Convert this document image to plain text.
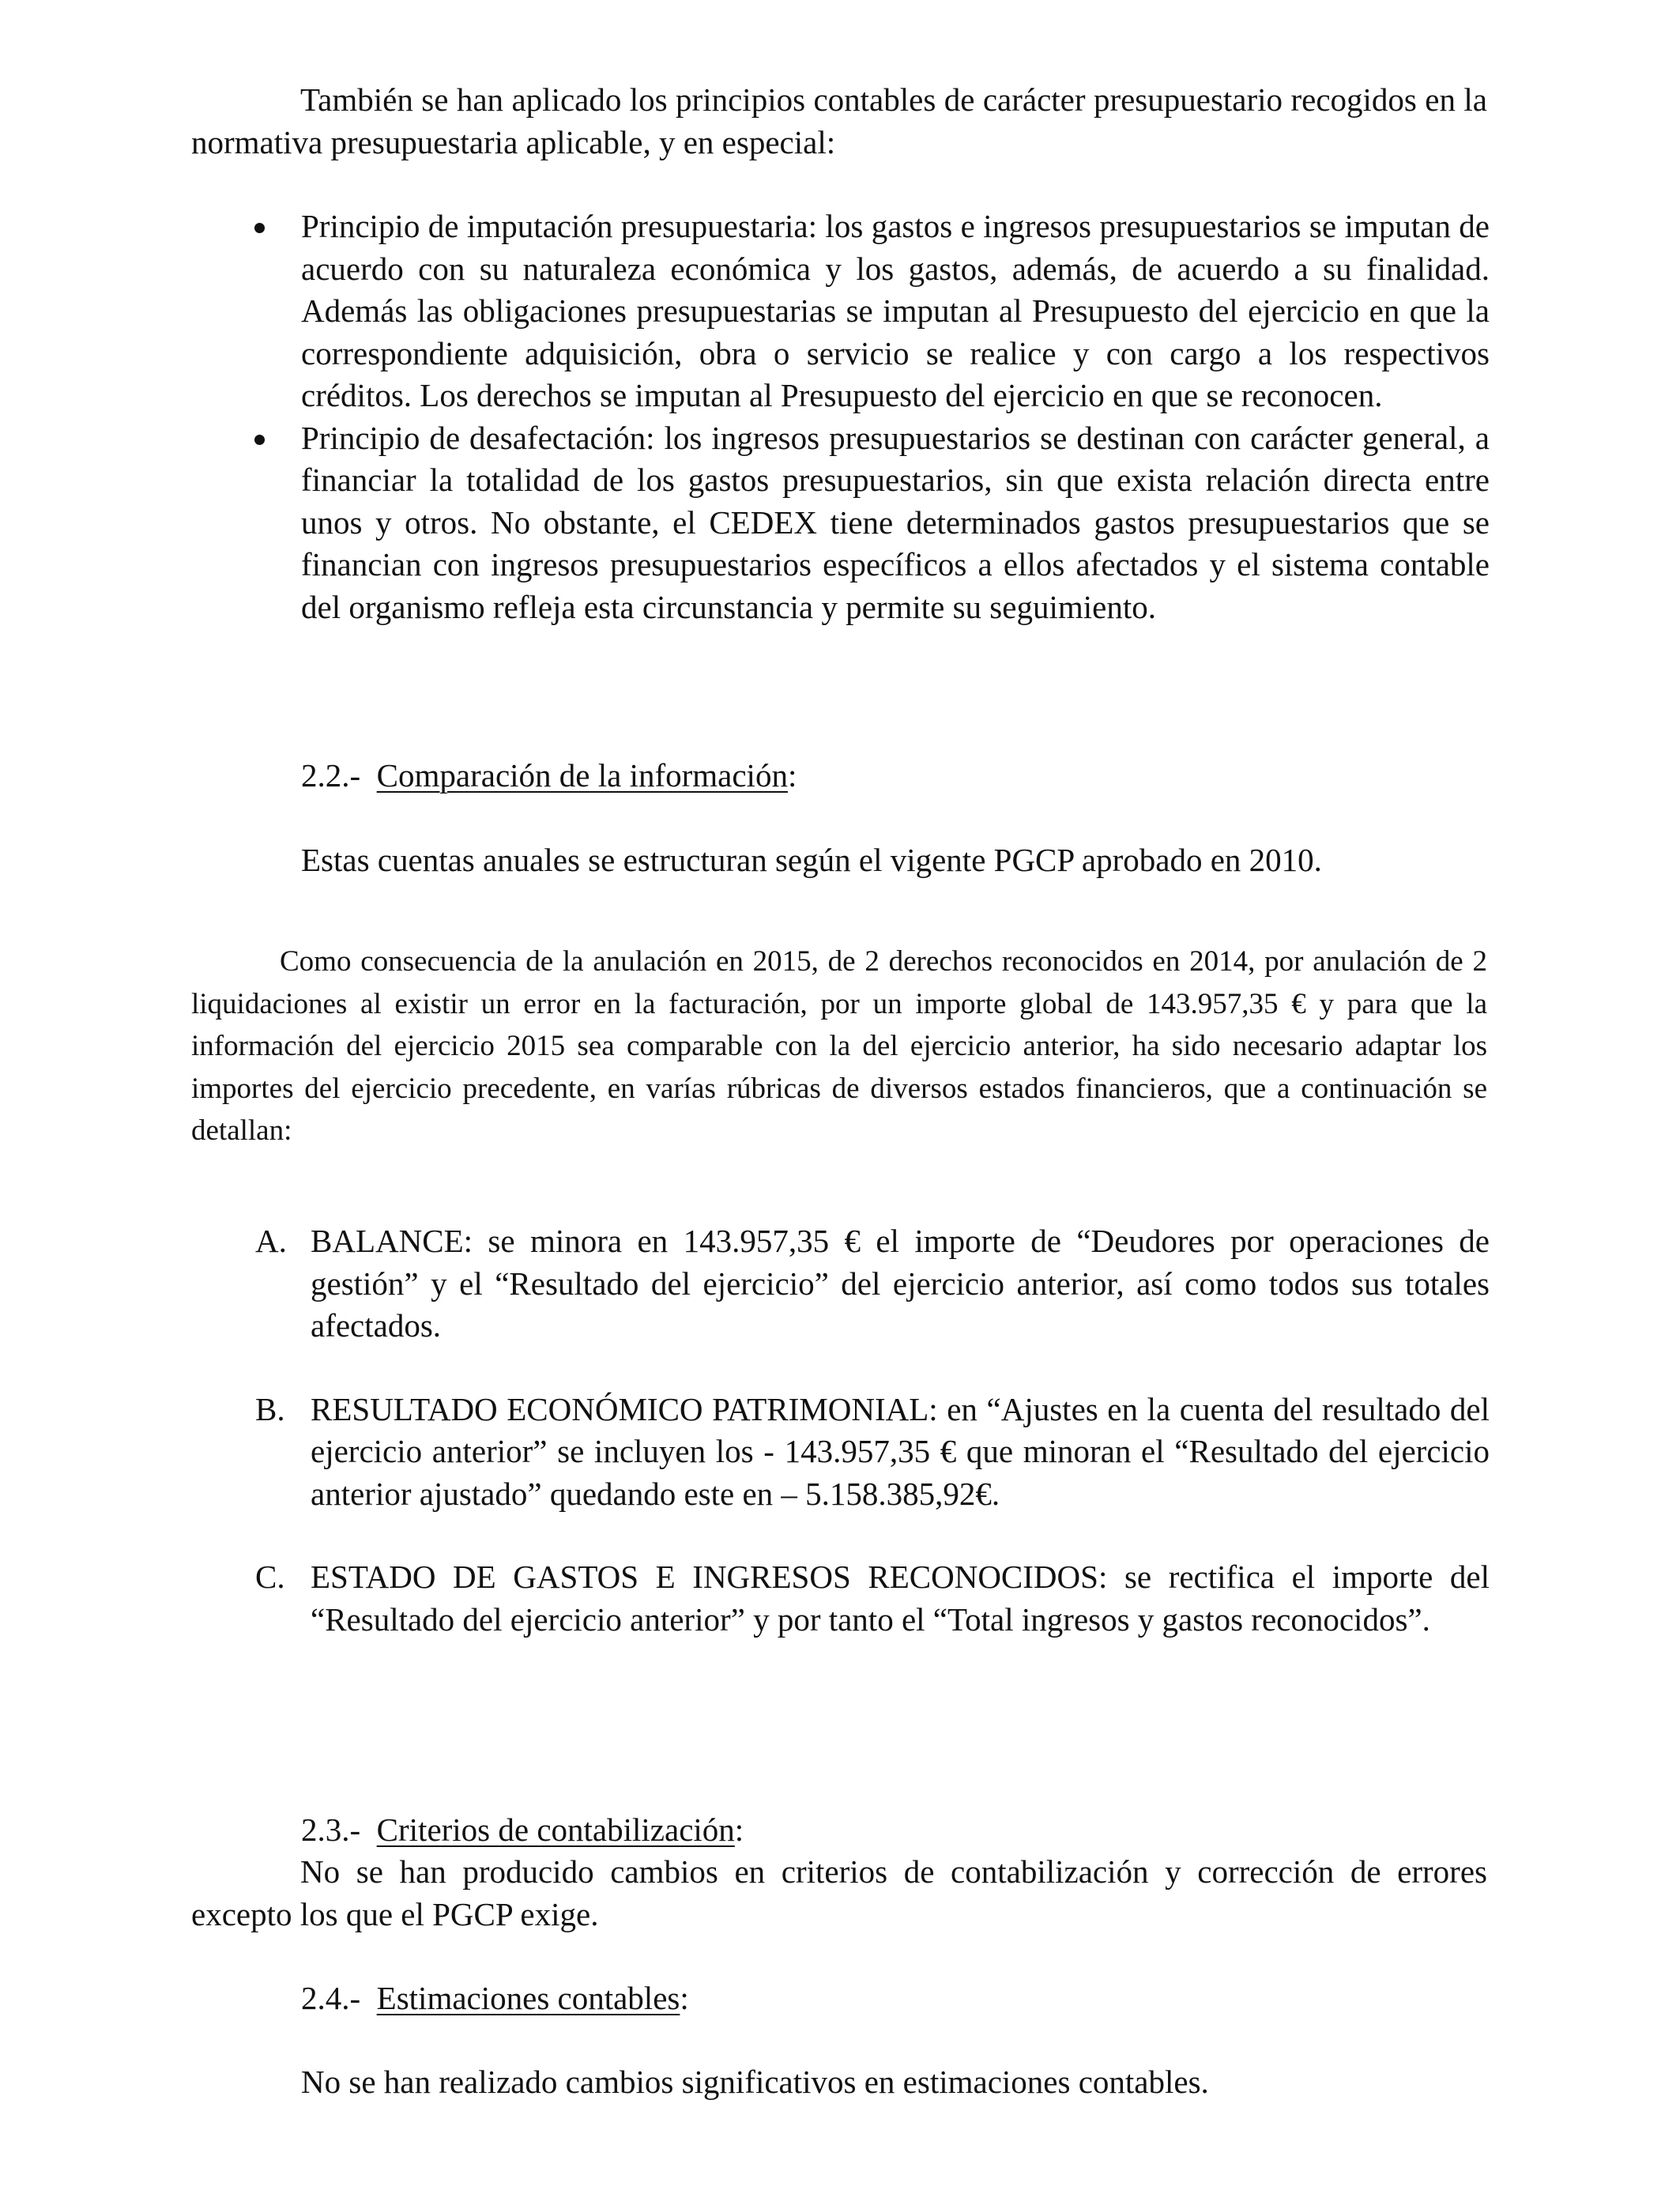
También se han aplicado los principios contables de carácter presupuestario recogidos en la normativa presupuestaria aplicable, y en especial:

Principio de imputación presupuestaria: los gastos e ingresos presupuestarios se imputan de acuerdo con su naturaleza económica y los gastos, además, de acuerdo a su finalidad. Además las obligaciones presupuestarias se imputan al Presupuesto del ejercicio en que la correspondiente adquisición, obra o servicio se realice y con cargo a los respectivos créditos. Los derechos se imputan al Presupuesto del ejercicio en que se reconocen.
Principio de desafectación: los ingresos presupuestarios se destinan con carácter general, a financiar la totalidad de los gastos presupuestarios, sin que exista relación directa entre unos y otros. No obstante, el CEDEX tiene determinados gastos presupuestarios que se financian con ingresos presupuestarios específicos a ellos afectados y el sistema contable del organismo refleja esta circunstancia y permite su seguimiento.
2.2.- Comparación de la información:
Estas cuentas anuales se estructuran según el vigente PGCP aprobado en 2010.

Como consecuencia de la anulación en 2015, de 2 derechos reconocidos en 2014, por anulación de 2 liquidaciones al existir un error en la facturación, por un importe global de 143.957,35 € y para que la información del ejercicio 2015 sea comparable con la del ejercicio anterior, ha sido necesario adaptar los importes del ejercicio precedente, en varías rúbricas de diversos estados financieros, que a continuación se detallan:

A. BALANCE: se minora en 143.957,35 € el importe de “Deudores por operaciones de gestión” y el “Resultado del ejercicio” del ejercicio anterior, así como todos sus totales afectados.
B. RESULTADO ECONÓMICO PATRIMONIAL: en “Ajustes en la cuenta del resultado del ejercicio anterior” se incluyen los - 143.957,35 € que minoran el “Resultado del ejercicio anterior ajustado” quedando este en – 5.158.385,92€.
C. ESTADO DE GASTOS E INGRESOS RECONOCIDOS: se rectifica el importe del “Resultado del ejercicio anterior” y por tanto el “Total ingresos y gastos reconocidos”.
2.3.- Criterios de contabilización:

No se han producido cambios en criterios de contabilización y corrección de errores excepto los que el PGCP exige.

2.4.- Estimaciones contables:
No se han realizado cambios significativos en estimaciones contables.
